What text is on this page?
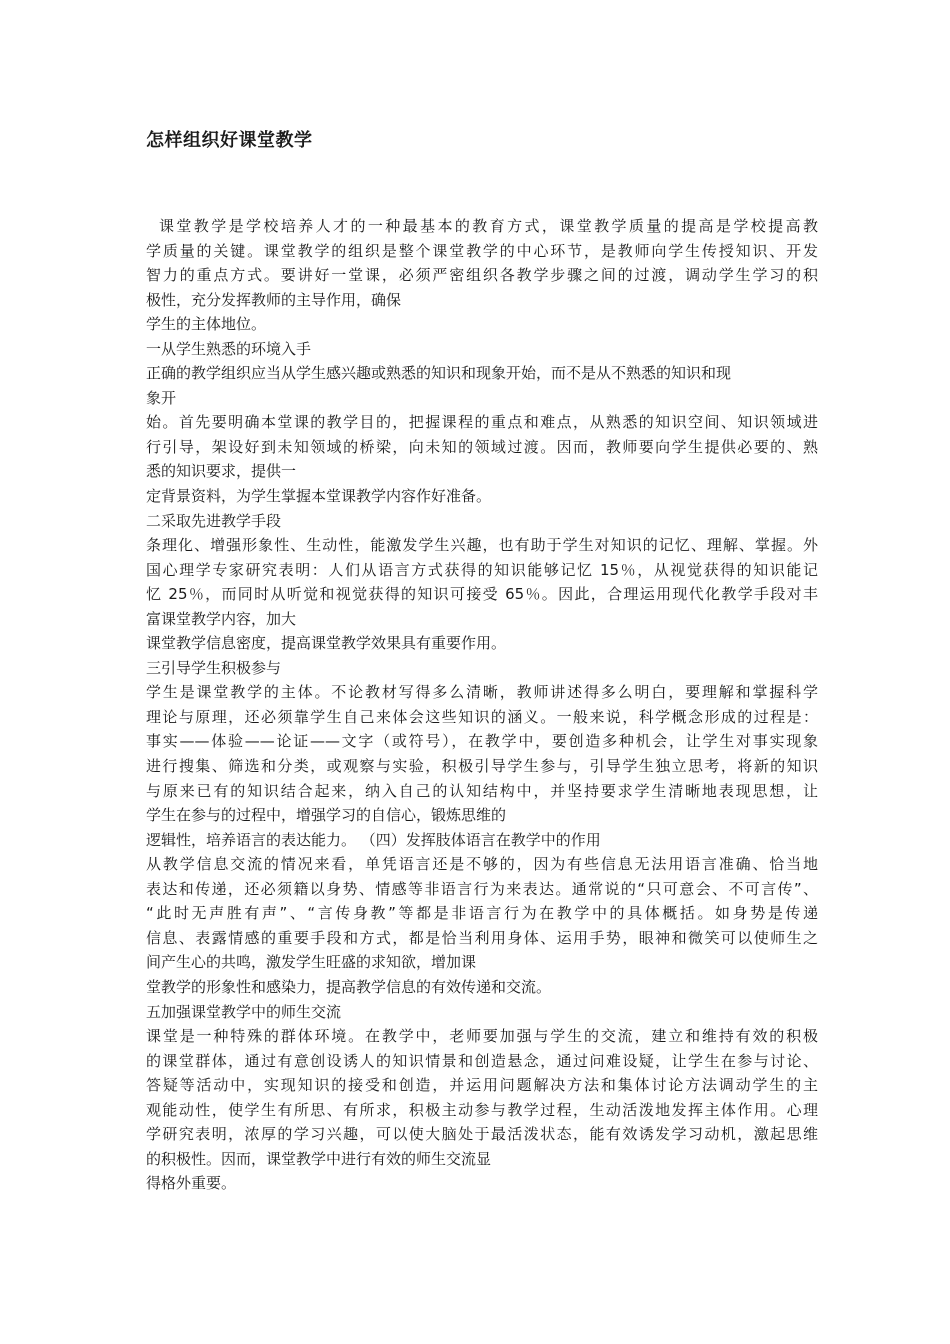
怎样组织好课堂教学
课堂教学是学校培养人才的一种最基本的教育方式，课堂教学质量的提高是学校提高教
学质量的关键。课堂教学的组织是整个课堂教学的中心环节，是教师向学生传授知识、开发
智力的重点方式。要讲好一堂课，必须严密组织各教学步骤之间的过渡，调动学生学习的积
极性，充分发挥教师的主导作用，确保
学生的主体地位。
一从学生熟悉的环境入手
正确的教学组织应当从学生感兴趣或熟悉的知识和现象开始，而不是从不熟悉的知识和现
象开
始。首先要明确本堂课的教学目的，把握课程的重点和难点，从熟悉的知识空间、知识领域进
行引导，架设好到未知领域的桥梁，向未知的领域过渡。因而，教师要向学生提供必要的、熟
悉的知识要求，提供一
定背景资料，为学生掌握本堂课教学内容作好准备。
二采取先进教学手段
条理化、增强形象性、生动性，能激发学生兴趣，也有助于学生对知识的记忆、理解、掌握。外
国心理学专家研究表明：人们从语言方式获得的知识能够记忆 15％，从视觉获得的知识能记
忆 25％，而同时从听觉和视觉获得的知识可接受 65％。因此，合理运用现代化教学手段对丰
富课堂教学内容，加大
课堂教学信息密度，提高课堂教学效果具有重要作用。
三引导学生积极参与
学生是课堂教学的主体。不论教材写得多么清晰，教师讲述得多么明白，要理解和掌握科学
理论与原理，还必须靠学生自己来体会这些知识的涵义。一般来说，科学概念形成的过程是：
事实——体验——论证——文字（或符号），在教学中，要创造多种机会，让学生对事实现象
进行搜集、筛选和分类，或观察与实验，积极引导学生参与，引导学生独立思考，将新的知识
与原来已有的知识结合起来，纳入自己的认知结构中，并坚持要求学生清晰地表现思想，让
学生在参与的过程中，增强学习的自信心，锻炼思维的
逻辑性，培养语言的表达能力。 （四）发挥肢体语言在教学中的作用
从教学信息交流的情况来看，单凭语言还是不够的，因为有些信息无法用语言准确、恰当地
表达和传递，还必须籍以身势、情感等非语言行为来表达。通常说的“只可意会、不可言传”、
“此时无声胜有声”、“言传身教”等都是非语言行为在教学中的具体概括。如身势是传递
信息、表露情感的重要手段和方式，都是恰当利用身体、运用手势，眼神和微笑可以使师生之
间产生心的共鸣，激发学生旺盛的求知欲，增加课
堂教学的形象性和感染力，提高教学信息的有效传递和交流。
五加强课堂教学中的师生交流
课堂是一种特殊的群体环境。在教学中，老师要加强与学生的交流，建立和维持有效的积极
的课堂群体，通过有意创设诱人的知识情景和创造悬念，通过问难设疑，让学生在参与讨论、
答疑等活动中，实现知识的接受和创造，并运用问题解决方法和集体讨论方法调动学生的主
观能动性，使学生有所思、有所求，积极主动参与教学过程，生动活泼地发挥主体作用。心理
学研究表明，浓厚的学习兴趣，可以使大脑处于最活泼状态，能有效诱发学习动机，激起思维
的积极性。因而，课堂教学中进行有效的师生交流显
得格外重要。
